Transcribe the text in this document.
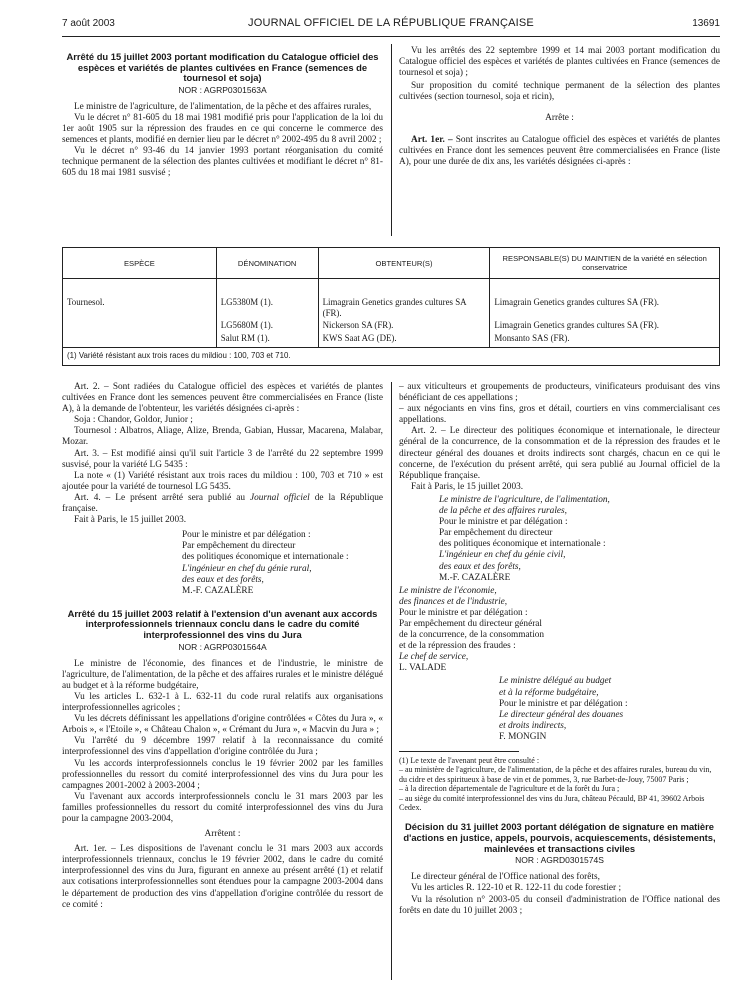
7 août 2003	JOURNAL OFFICIEL DE LA RÉPUBLIQUE FRANÇAISE	13691
Arrêté du 15 juillet 2003 portant modification du Catalogue officiel des espèces et variétés de plantes cultivées en France (semences de tournesol et soja)
NOR : AGRP0301563A

Le ministre de l'agriculture, de l'alimentation, de la pêche et des affaires rurales,

Vu le décret n° 81-605 du 18 mai 1981 modifié pris pour l'application de la loi du 1er août 1905 sur la répression des fraudes en ce qui concerne le commerce des semences et plants, modifié en dernier lieu par le décret n° 2002-495 du 8 avril 2002 ;

Vu le décret n° 93-46 du 14 janvier 1993 portant réorganisation du comité technique permanent de la sélection des plantes cultivées et modifiant le décret n° 81-605 du 18 mai 1981 susvisé ;

Vu les arrêtés des 22 septembre 1999 et 14 mai 2003 portant modification du Catalogue officiel des espèces et variétés de plantes cultivées en France (semences de tournesol et soja) ;

Sur proposition du comité technique permanent de la sélection des plantes cultivées (section tournesol, soja et ricin),

Arrête :

Art. 1er. – Sont inscrites au Catalogue officiel des espèces et variétés de plantes cultivées en France dont les semences peuvent être commercialisées en France (liste A), pour une durée de dix ans, les variétés désignées ci-après :

ESPÈCE	DÉNOMINATION	OBTENTEUR(S)	RESPONSABLE(S) DU MAINTIEN de la variété en sélection conservatrice
Tournesol.	LG5380M (1).	Limagrain Genetics grandes cultures SA (FR).	Limagrain Genetics grandes cultures SA (FR).
	LG5680M (1).	Nickerson SA (FR).	Limagrain Genetics grandes cultures SA (FR).
	Salut RM (1).	KWS Saat AG (DE).	Monsanto SAS (FR).
(1) Variété résistant aux trois races du mildiou : 100, 703 et 710.			

Art. 2. – Sont radiées du Catalogue officiel des espèces et variétés de plantes cultivées en France dont les semences peuvent être commercialisées en France (liste A), à la demande de l'obtenteur, les variétés désignées ci-après :

Soja : Chandor, Goldor, Junior ;

Tournesol : Albatros, Aliage, Alize, Brenda, Gabian, Hussar, Macarena, Malabar, Mozar.

Art. 3. – Est modifié ainsi qu'il suit l'article 3 de l'arrêté du 22 septembre 1999 susvisé, pour la variété LG 5435 :

La note « (1) Variété résistant aux trois races du mildiou : 100, 703 et 710 » est ajoutée pour la variété de tournesol LG 5435.

Art. 4. – Le présent arrêté sera publié au Journal officiel de la République française.

Fait à Paris, le 15 juillet 2003.

Pour le ministre et par délégation :

Par empêchement du directeur

des politiques économique et internationale :

L'ingénieur en chef du génie rural,

des eaux et des forêts,

M.-F. CAZALÈRE

Arrêté du 15 juillet 2003 relatif à l'extension d'un avenant aux accords interprofessionnels triennaux conclu dans le cadre du comité interprofessionnel des vins du Jura
NOR : AGRP0301564A

Le ministre de l'économie, des finances et de l'industrie, le ministre de l'agriculture, de l'alimentation, de la pêche et des affaires rurales et le ministre délégué au budget et à la réforme budgétaire,

Vu les articles L. 632-1 à L. 632-11 du code rural relatifs aux organisations interprofessionnelles agricoles ;

Vu les décrets définissant les appellations d'origine contrôlées « Côtes du Jura », « Arbois », « l'Etoile », « Château Chalon », « Crémant du Jura », « Macvin du Jura » ;

Vu l'arrêté du 9 décembre 1997 relatif à la reconnaissance du comité interprofessionnel des vins d'appellation d'origine contrôlée du Jura ;

Vu les accords interprofessionnels conclus le 19 février 2002 par les familles professionnelles du ressort du comité interprofessionnel des vins du Jura pour les campagnes 2001-2002 à 2003-2004 ;

Vu l'avenant aux accords interprofessionnels conclu le 31 mars 2003 par les familles professionnelles du ressort du comité interprofessionnel des vins du Jura pour la campagne 2003-2004,

Arrêtent :

Art. 1er. – Les dispositions de l'avenant conclu le 31 mars 2003 aux accords interprofessionnels triennaux, conclus le 19 février 2002, dans le cadre du comité interprofessionnel des vins du Jura, figurant en annexe au présent arrêté (1) et relatif aux cotisations interprofessionnelles sont étendues pour la campagne 2003-2004 dans le département de production des vins d'appellation d'origine contrôlée du ressort de ce comité :

– aux viticulteurs et groupements de producteurs, vinificateurs produisant des vins bénéficiant de ces appellations ;

– aux négociants en vins fins, gros et détail, courtiers en vins commercialisant ces appellations.

Art. 2. – Le directeur des politiques économique et internationale, le directeur général de la concurrence, de la consommation et de la répression des fraudes et le directeur général des douanes et droits indirects sont chargés, chacun en ce qui le concerne, de l'exécution du présent arrêté, qui sera publié au Journal officiel de la République française.

Fait à Paris, le 15 juillet 2003.

Le ministre de l'agriculture, de l'alimentation,

de la pêche et des affaires rurales,

Pour le ministre et par délégation :

Par empêchement du directeur

des politiques économique et internationale :

L'ingénieur en chef du génie civil,

des eaux et des forêts,

M.-F. CAZALÈRE

Le ministre de l'économie,

des finances et de l'industrie,

Pour le ministre et par délégation :

Par empêchement du directeur général

de la concurrence, de la consommation

et de la répression des fraudes :

Le chef de service,

L. VALADE

Le ministre délégué au budget

et à la réforme budgétaire,

Pour le ministre et par délégation :

Le directeur général des douanes

et droits indirects,

F. MONGIN

(1) Le texte de l'avenant peut être consulté :

– au ministère de l'agriculture, de l'alimentation, de la pêche et des affaires rurales, bureau du vin, du cidre et des spiritueux à base de vin et de pommes, 3, rue Barbet-de-Jouy, 75007 Paris ;

– à la direction départementale de l'agriculture et de la forêt du Jura ;

– au siège du comité interprofessionnel des vins du Jura, château Pécauld, BP 41, 39602 Arbois Cedex.

Décision du 31 juillet 2003 portant délégation de signature en matière d'actions en justice, appels, pourvois, acquiescements, désistements, mainlevées et transactions civiles
NOR : AGRD0301574S

Le directeur général de l'Office national des forêts,

Vu les articles R. 122-10 et R. 122-11 du code forestier ;

Vu la résolution n° 2003-05 du conseil d'administration de l'Office national des forêts en date du 10 juillet 2003 ;
